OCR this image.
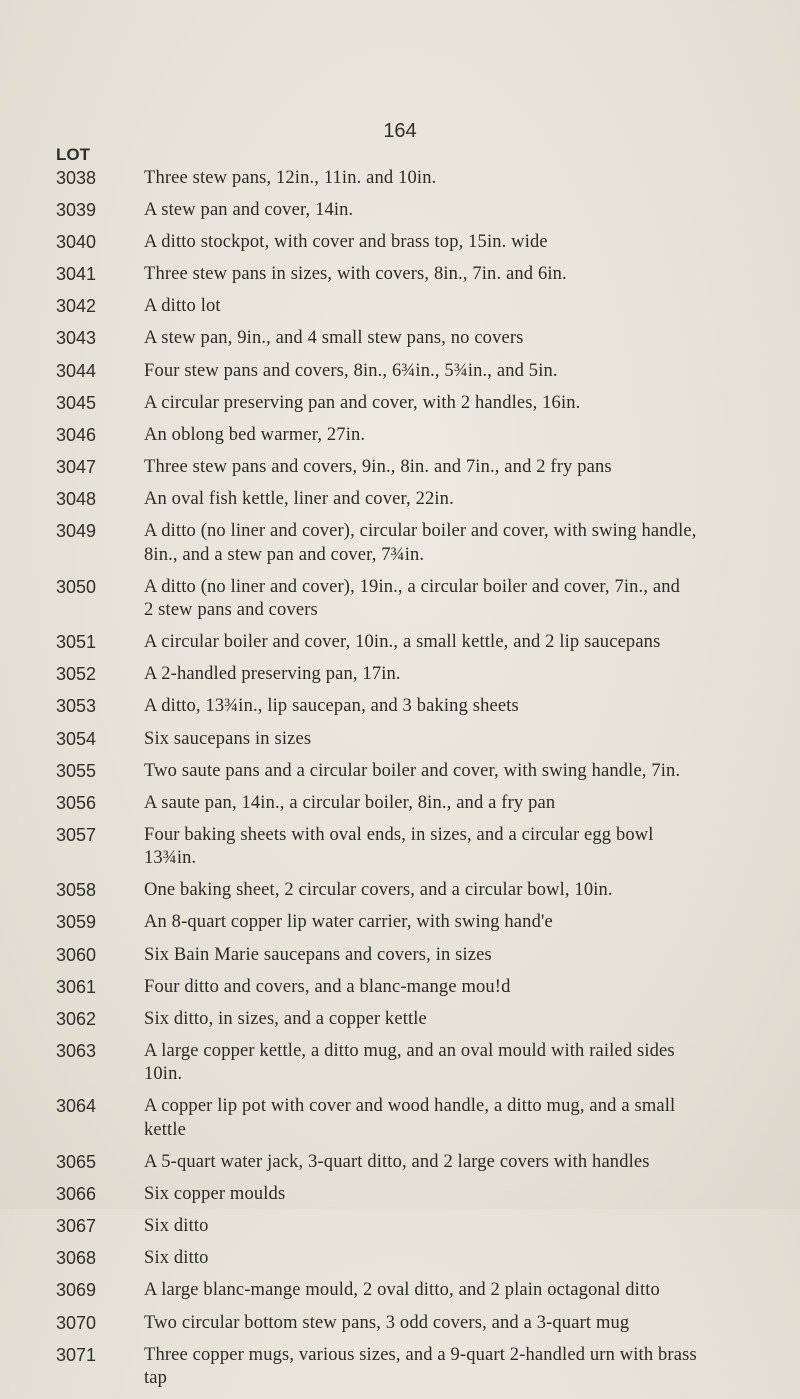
164
LOT
3038	Three stew pans, 12in., 11in. and 10in.
3039	A stew pan and cover, 14in.
3040	A ditto stockpot, with cover and brass top, 15in. wide
3041	Three stew pans in sizes, with covers, 8in., 7in. and 6in.
3042	A ditto lot
3043	A stew pan, 9in., and 4 small stew pans, no covers
3044	Four stew pans and covers, 8in., 6¾in., 5¾in., and 5in.
3045	A circular preserving pan and cover, with 2 handles, 16in.
3046	An oblong bed warmer, 27in.
3047	Three stew pans and covers, 9in., 8in. and 7in., and 2 fry pans
3048	An oval fish kettle, liner and cover, 22in.
3049	A ditto (no liner and cover), circular boiler and cover, with swing handle,
8in., and a stew pan and cover, 7¾in.
3050	A ditto (no liner and cover), 19in., a circular boiler and cover, 7in., and
2 stew pans and covers
3051	A circular boiler and cover, 10in., a small kettle, and 2 lip saucepans
3052	A 2-handled preserving pan, 17in.
3053	A ditto, 13¾in., lip saucepan, and 3 baking sheets
3054	Six saucepans in sizes
3055	Two saute pans and a circular boiler and cover, with swing handle, 7in.
3056	A saute pan, 14in., a circular boiler, 8in., and a fry pan
3057	Four baking sheets with oval ends, in sizes, and a circular egg bowl
13¾in.
3058	One baking sheet, 2 circular covers, and a circular bowl, 10in.
3059	An 8-quart copper lip water carrier, with swing hand'e
3060	Six Bain Marie saucepans and covers, in sizes
3061	Four ditto and covers, and a blanc-mange mou!d
3062	Six ditto, in sizes, and a copper kettle
3063	A large copper kettle, a ditto mug, and an oval mould with railed sides
10in.
3064	A copper lip pot with cover and wood handle, a ditto mug, and a small
kettle
3065	A 5-quart water jack, 3-quart ditto, and 2 large covers with handles
3066	Six copper moulds
3067	Six ditto
3068	Six ditto
3069	A large blanc-mange mould, 2 oval ditto, and 2 plain octagonal ditto
3070	Two circular bottom stew pans, 3 odd covers, and a 3-quart mug
3071	Three copper mugs, various sizes, and a 9-quart 2-handled urn with brass
tap
